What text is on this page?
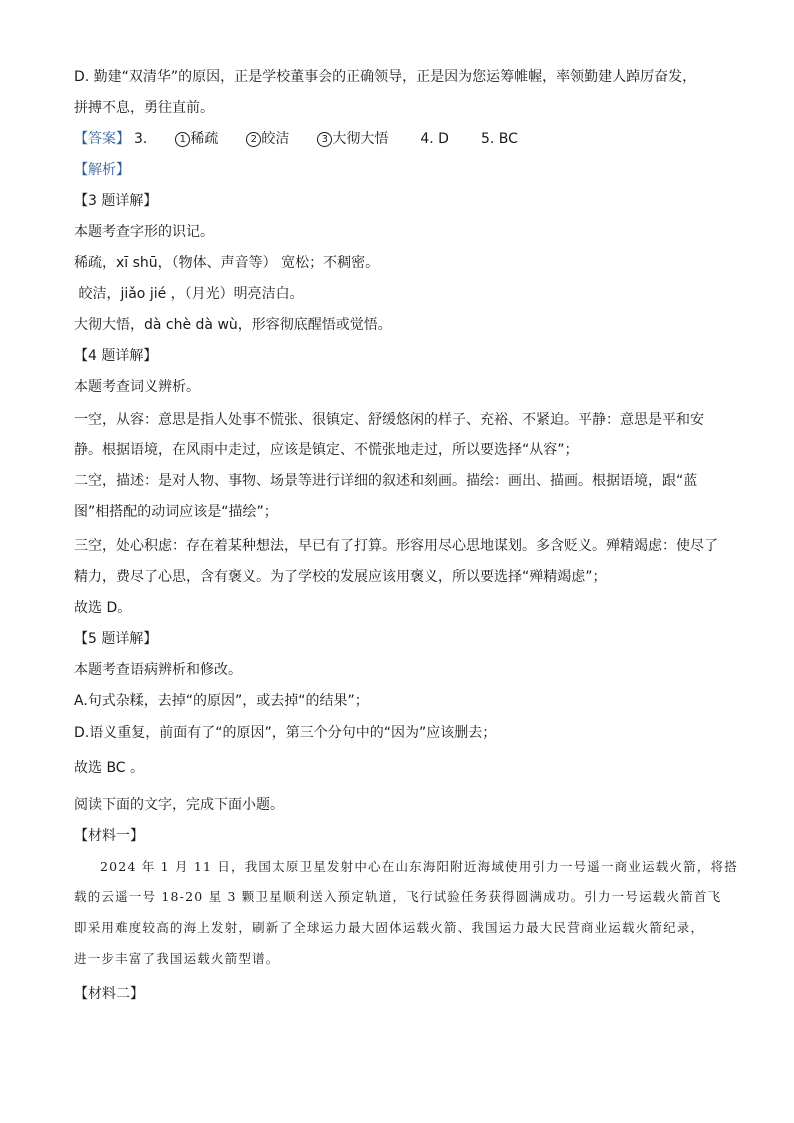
D. 勤建“双清华”的原因，正是学校董事会的正确领导，正是因为您运筹帷幄，率领勤建人踔厉奋发，
拼搏不息，勇往直前。
【答案】 3.	1 稀疏	2 皎洁	3 大彻大悟 4. D 5. BC
【解析】
【3 题详解】
本题考查字形的识记。
稀疏，xī shū，（物体、声音等） 宽松；不稠密。
皎洁，jiǎo jié ，（月光）明亮洁白。
大彻大悟，dà chè dà wù，形容彻底醒悟或觉悟。
【4 题详解】
本题考查词义辨析。
一空，从容：意思是指人处事不慌张、很镇定、舒缓悠闲的样子、充裕、不紧迫。平静：意思是平和安
静。根据语境，在风雨中走过，应该是镇定、不慌张地走过，所以要选择“从容”；
二空，描述：是对人物、事物、场景等进行详细的叙述和刻画。描绘：画出、描画。根据语境，跟“蓝
图”相搭配的动词应该是“描绘”；
三空，处心积虑：存在着某种想法，早已有了打算。形容用尽心思地谋划。多含贬义。殚精竭虑：使尽了
精力，费尽了心思，含有褒义。为了学校的发展应该用褒义，所以要选择“殚精竭虑”；
故选 D。
【5 题详解】
本题考查语病辨析和修改。
A.句式杂糅，去掉“的原因”，或去掉“的结果”；
D.语义重复，前面有了“的原因”，第三个分句中的“因为”应该删去；
故选 BC 。
阅读下面的文字，完成下面小题。
【材料一】
2024 年 1 月 11 日，我国太原卫星发射中心在山东海阳附近海域使用引力一号遥一商业运载火箭，将搭
载的云遥一号 18-20 星 3 颗卫星顺利送入预定轨道，飞行试验任务获得圆满成功。引力一号运载火箭首飞
即采用难度较高的海上发射，刷新了全球运力最大固体运载火箭、我国运力最大民营商业运载火箭纪录，
进一步丰富了我国运载火箭型谱。
【材料二】
